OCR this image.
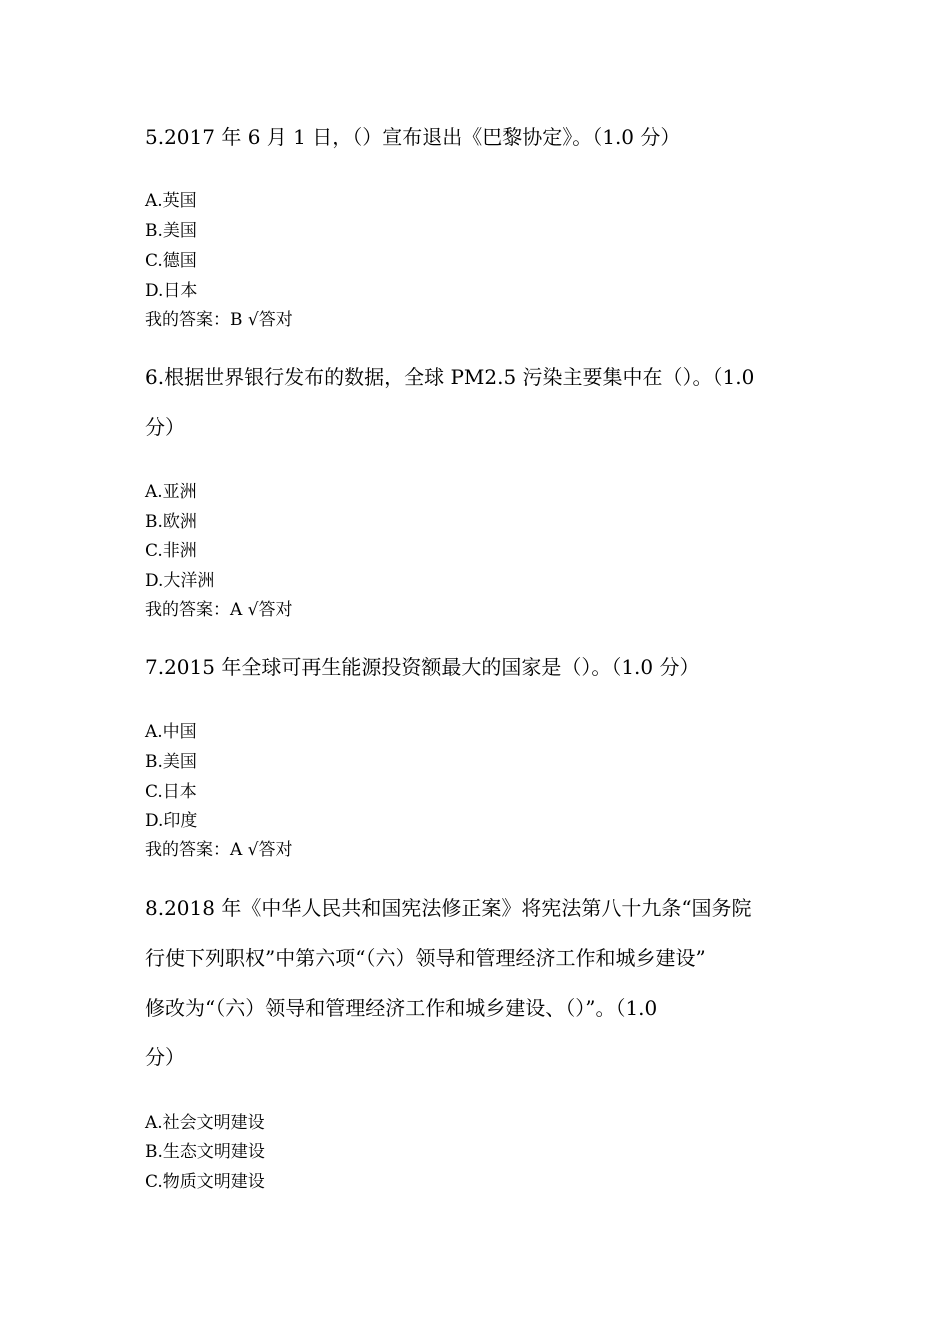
5.2017 年 6 月 1 日，（）宣布退出《巴黎协定》。（1.0 分）
A.英国
B.美国
C.德国
D.日本
我的答案：B √答对
6.根据世界银行发布的数据，全球 PM2.5 污染主要集中在（）。（1.0
分）
A.亚洲
B.欧洲
C.非洲
D.大洋洲
我的答案：A √答对
7.2015 年全球可再生能源投资额最大的国家是（）。（1.0 分）
A.中国
B.美国
C.日本
D.印度
我的答案：A √答对
8.2018 年《中华人民共和国宪法修正案》将宪法第八十九条“国务院
行使下列职权”中第六项“（六）领导和管理经济工作和城乡建设”
修改为“（六）领导和管理经济工作和城乡建设、（）”。（1.0
分）
A.社会文明建设
B.生态文明建设
C.物质文明建设
